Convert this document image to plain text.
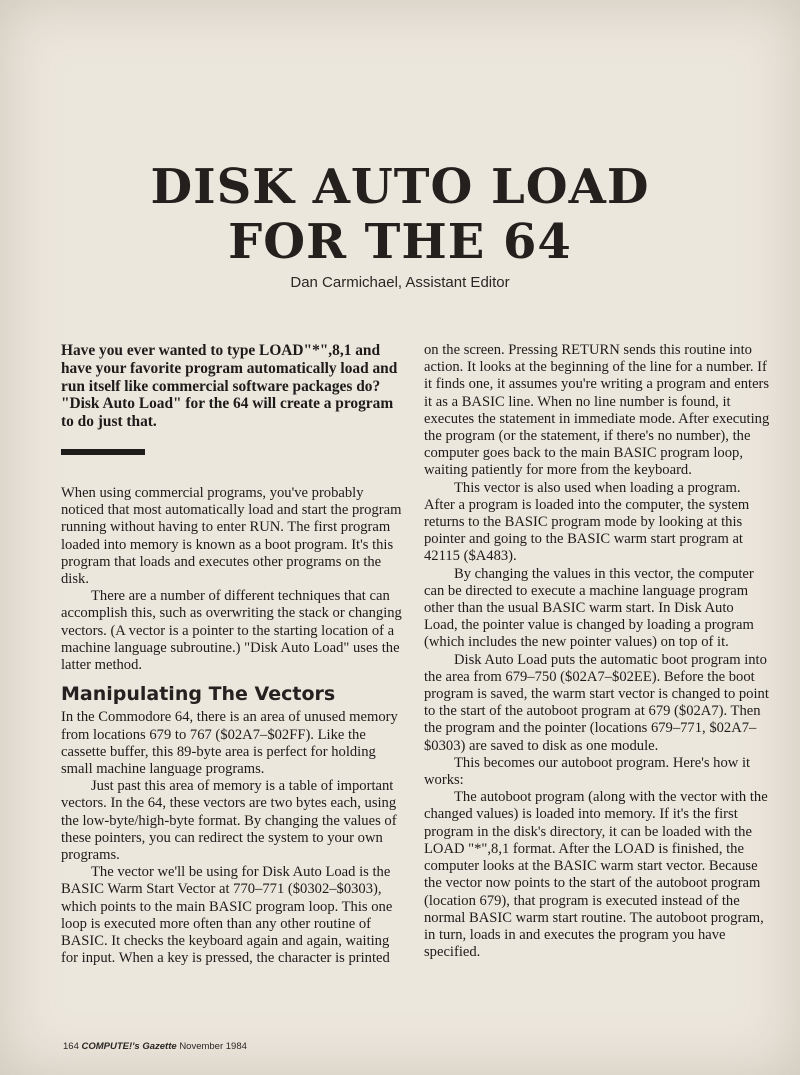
DISK AUTO LOAD
FOR THE 64
Dan Carmichael, Assistant Editor

Have you ever wanted to type LOAD"*",8,1 and have your favorite program automatically load and run itself like commercial software packages do? "Disk Auto Load" for the 64 will create a program to do just that.

When using commercial programs, you've probably noticed that most automatically load and start the program running without having to enter RUN. The first program loaded into memory is known as a boot program. It's this program that loads and executes other programs on the disk.

There are a number of different techniques that can accomplish this, such as overwriting the stack or changing vectors. (A vector is a pointer to the starting location of a machine language subroutine.) "Disk Auto Load" uses the latter method.

Manipulating The Vectors

In the Commodore 64, there is an area of unused memory from locations 679 to 767 ($02A7–$02FF). Like the cassette buffer, this 89-byte area is perfect for holding small machine language programs.

Just past this area of memory is a table of important vectors. In the 64, these vectors are two bytes each, using the low-byte/high-byte format. By changing the values of these pointers, you can redirect the system to your own programs.

The vector we'll be using for Disk Auto Load is the BASIC Warm Start Vector at 770–771 ($0302–$0303), which points to the main BASIC program loop. This one loop is executed more often than any other routine of BASIC. It checks the keyboard again and again, waiting for input. When a key is pressed, the character is printed

on the screen. Pressing RETURN sends this routine into action. It looks at the beginning of the line for a number. If it finds one, it assumes you're writing a program and enters it as a BASIC line. When no line number is found, it executes the statement in immediate mode. After executing the program (or the statement, if there's no number), the computer goes back to the main BASIC program loop, waiting patiently for more from the keyboard.

This vector is also used when loading a program. After a program is loaded into the computer, the system returns to the BASIC program mode by looking at this pointer and going to the BASIC warm start program at 42115 ($A483).

By changing the values in this vector, the computer can be directed to execute a machine language program other than the usual BASIC warm start. In Disk Auto Load, the pointer value is changed by loading a program (which includes the new pointer values) on top of it.

Disk Auto Load puts the automatic boot program into the area from 679–750 ($02A7–$02EE). Before the boot program is saved, the warm start vector is changed to point to the start of the autoboot program at 679 ($02A7). Then the program and the pointer (locations 679–771, $02A7–$0303) are saved to disk as one module.

This becomes our autoboot program. Here's how it works:

The autoboot program (along with the vector with the changed values) is loaded into memory. If it's the first program in the disk's directory, it can be loaded with the LOAD "*",8,1 format. After the LOAD is finished, the computer looks at the BASIC warm start vector. Because the vector now points to the start of the autoboot program (location 679), that program is executed instead of the normal BASIC warm start routine. The autoboot program, in turn, loads in and executes the program you have specified.

164 COMPUTE!'s Gazette November 1984
